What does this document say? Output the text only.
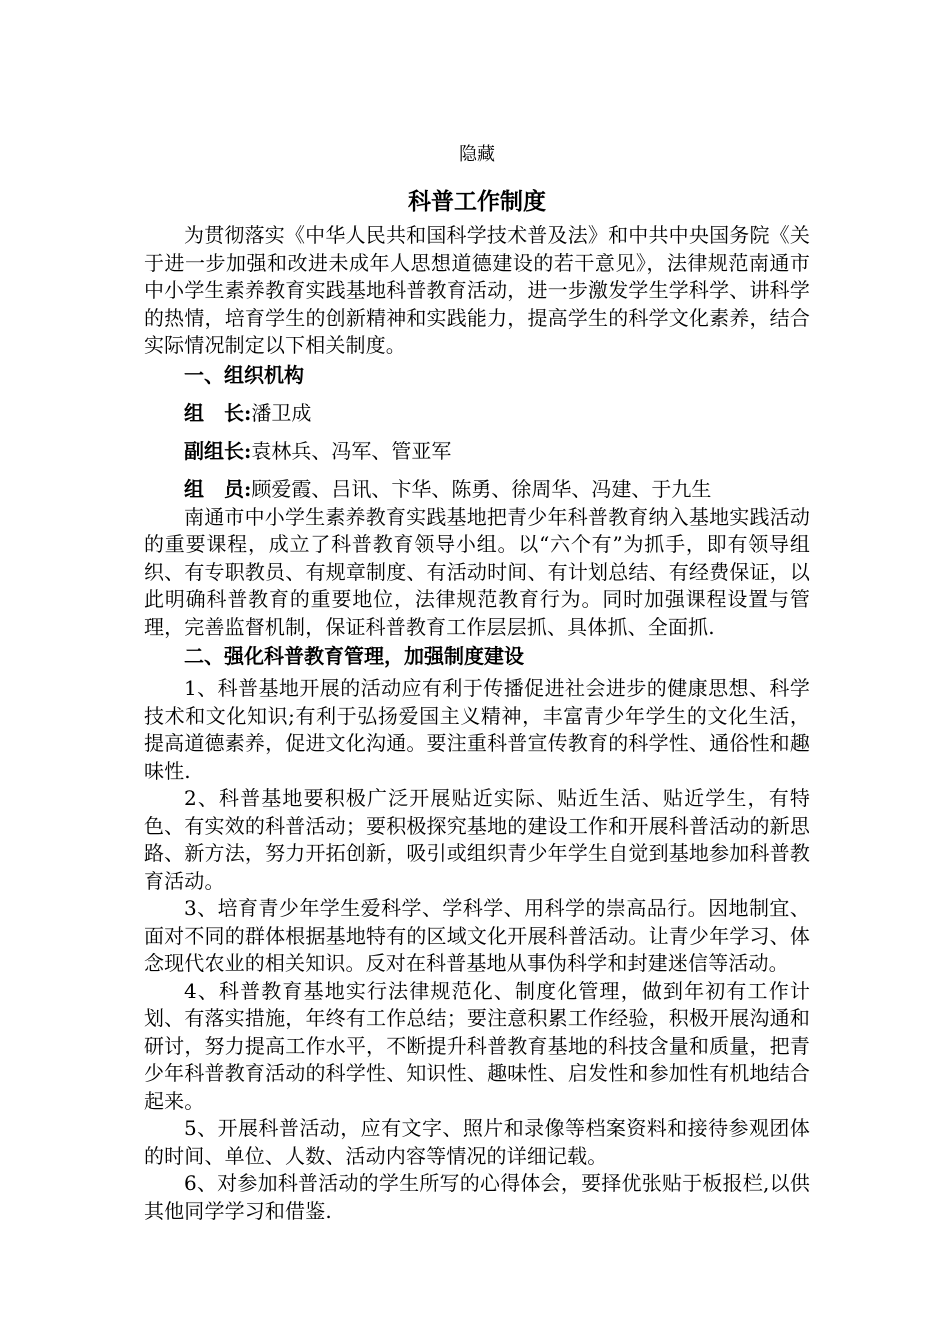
隐藏
科普工作制度

为贯彻落实《中华人民共和国科学技术普及法》和中共中央国务院《关于进一步加强和改进未成年人思想道德建设的若干意见》，法律规范南通市中小学生素养教育实践基地科普教育活动，进一步激发学生学科学、讲科学的热情，培育学生的创新精神和实践能力，提高学生的科学文化素养，结合实际情况制定以下相关制度。

一、组织机构
组　长:潘卫成
副组长:袁林兵、冯军、管亚军
组　员:顾爱霞、吕讯、卞华、陈勇、徐周华、冯建、于九生

南通市中小学生素养教育实践基地把青少年科普教育纳入基地实践活动的重要课程，成立了科普教育领导小组。以“六个有”为抓手，即有领导组织、有专职教员、有规章制度、有活动时间、有计划总结、有经费保证，以此明确科普教育的重要地位，法律规范教育行为。同时加强课程设置与管理，完善监督机制，保证科普教育工作层层抓、具体抓、全面抓.

二、强化科普教育管理，加强制度建设

1、科普基地开展的活动应有利于传播促进社会进步的健康思想、科学技术和文化知识;有利于弘扬爱国主义精神，丰富青少年学生的文化生活，提高道德素养，促进文化沟通。要注重科普宣传教育的科学性、通俗性和趣味性.

2、科普基地要积极广泛开展贴近实际、贴近生活、贴近学生，有特色、有实效的科普活动；要积极探究基地的建设工作和开展科普活动的新思路、新方法，努力开拓创新，吸引或组织青少年学生自觉到基地参加科普教育活动。

3、培育青少年学生爱科学、学科学、用科学的崇高品行。因地制宜、面对不同的群体根据基地特有的区域文化开展科普活动。让青少年学习、体念现代农业的相关知识。反对在科普基地从事伪科学和封建迷信等活动。

4、科普教育基地实行法律规范化、制度化管理，做到年初有工作计划、有落实措施，年终有工作总结；要注意积累工作经验，积极开展沟通和研讨，努力提高工作水平，不断提升科普教育基地的科技含量和质量，把青少年科普教育活动的科学性、知识性、趣味性、启发性和参加性有机地结合起来。

5、开展科普活动，应有文字、照片和录像等档案资料和接待参观团体的时间、单位、人数、活动内容等情况的详细记载。

6、对参加科普活动的学生所写的心得体会，要择优张贴于板报栏,以供其他同学学习和借鉴.
